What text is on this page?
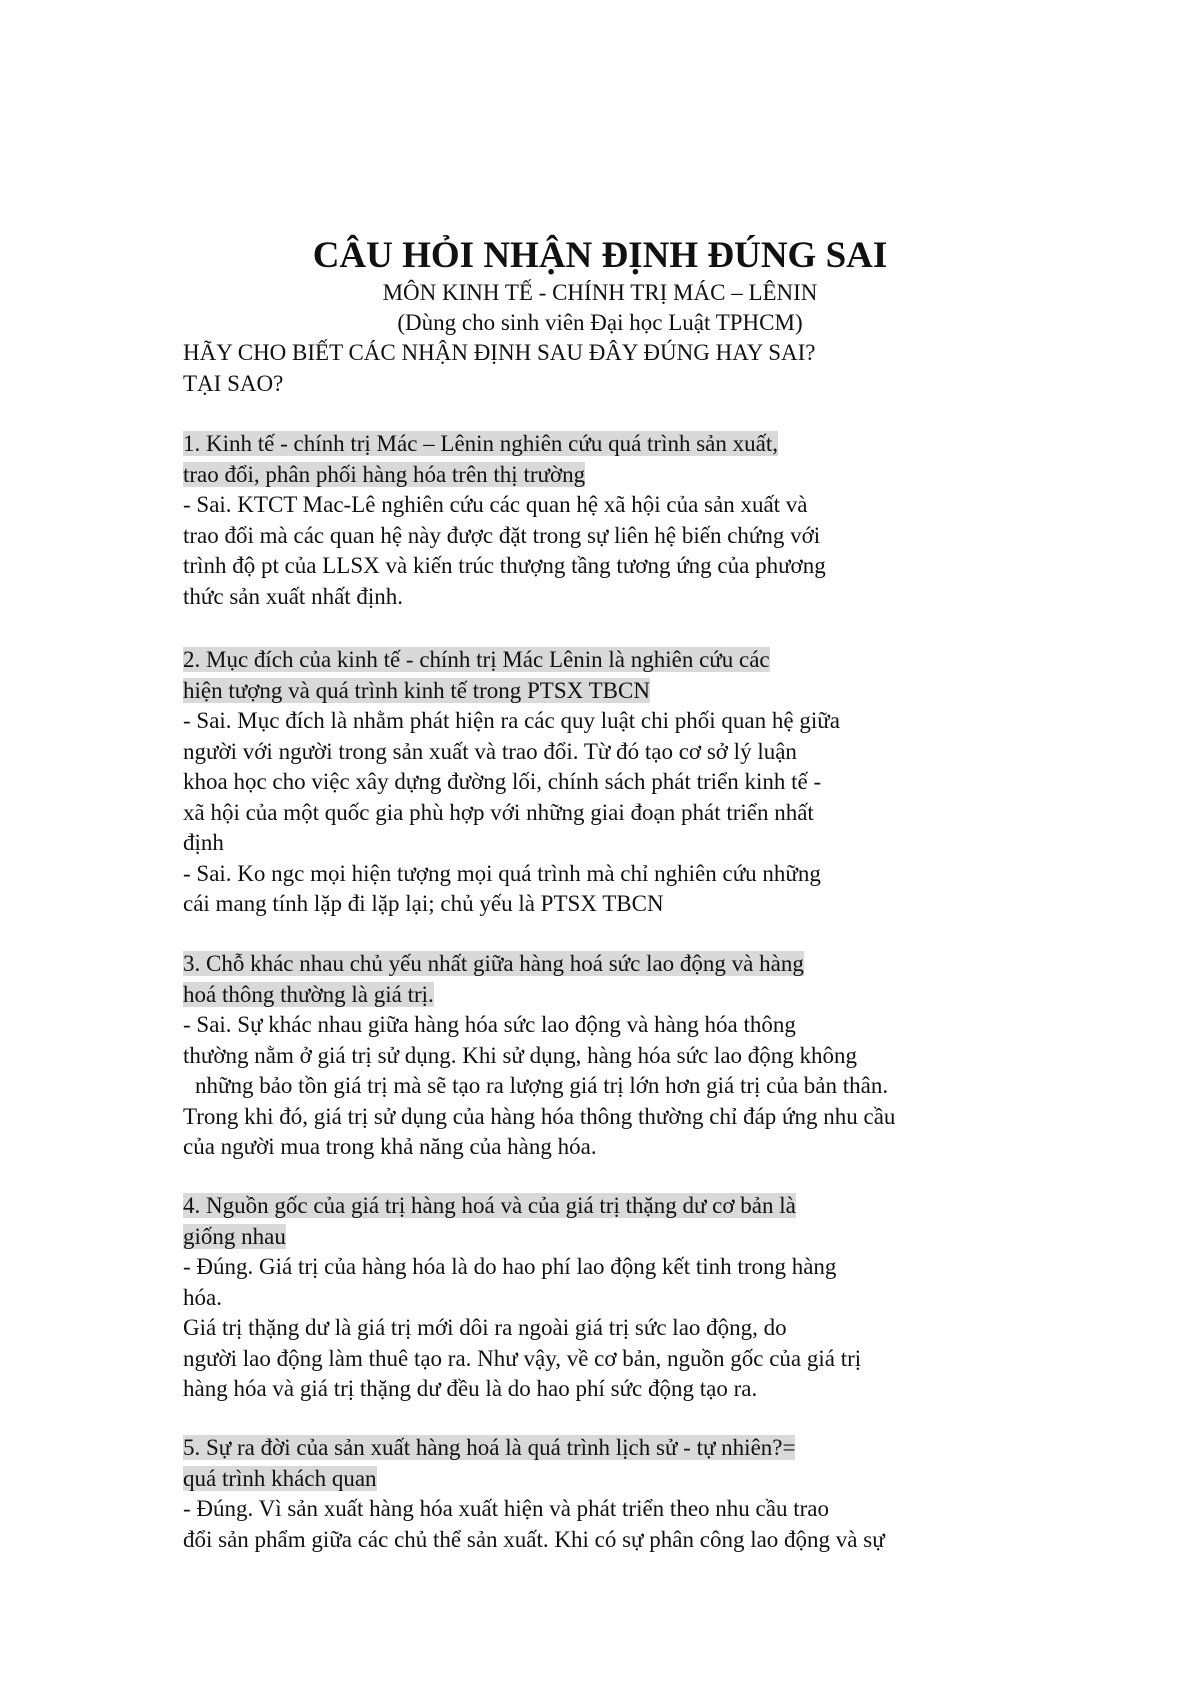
CÂU HỎI NHẬN ĐỊNH ĐÚNG SAI
MÔN KINH TẾ - CHÍNH TRỊ MÁC – LÊNIN
(Dùng cho sinh viên Đại học Luật TPHCM)
HÃY CHO BIẾT CÁC NHẬN ĐỊNH SAU ĐÂY ĐÚNG HAY SAI?
TẠI SAO?
1. Kinh tế - chính trị Mác – Lênin nghiên cứu quá trình sản xuất,
trao đổi, phân phối hàng hóa trên thị trường
- Sai. KTCT Mac-Lê nghiên cứu các quan hệ xã hội của sản xuất và
trao đổi mà các quan hệ này được đặt trong sự liên hệ biến chứng với
trình độ pt của LLSX và kiến trúc thượng tầng tương ứng của phương
thức sản xuất nhất định.
2. Mục đích của kinh tế - chính trị Mác Lênin là nghiên cứu các
hiện tượng và quá trình kinh tế trong PTSX TBCN
- Sai. Mục đích là nhằm phát hiện ra các quy luật chi phối quan hệ giữa
người với người trong sản xuất và trao đổi. Từ đó tạo cơ sở lý luận
khoa học cho việc xây dựng đường lối, chính sách phát triển kinh tế -
xã hội của một quốc gia phù hợp với những giai đoạn phát triển nhất
định
- Sai. Ko ngc mọi hiện tượng mọi quá trình mà chỉ nghiên cứu những
cái mang tính lặp đi lặp lại; chủ yếu là PTSX TBCN
3. Chỗ khác nhau chủ yếu nhất giữa hàng hoá sức lao động và hàng
hoá thông thường là giá trị.
- Sai. Sự khác nhau giữa hàng hóa sức lao động và hàng hóa thông
thường nằm ở giá trị sử dụng. Khi sử dụng, hàng hóa sức lao động không
những bảo tồn giá trị mà sẽ tạo ra lượng giá trị lớn hơn giá trị của bản thân.
Trong khi đó, giá trị sử dụng của hàng hóa thông thường chỉ đáp ứng nhu cầu
của người mua trong khả năng của hàng hóa.
4. Nguồn gốc của giá trị hàng hoá và của giá trị thặng dư cơ bản là
giống nhau
- Đúng. Giá trị của hàng hóa là do hao phí lao động kết tinh trong hàng
hóa.
Giá trị thặng dư là giá trị mới dôi ra ngoài giá trị sức lao động, do
người lao động làm thuê tạo ra. Như vậy, về cơ bản, nguồn gốc của giá trị
hàng hóa và giá trị thặng dư đều là do hao phí sức động tạo ra.
5. Sự ra đời của sản xuất hàng hoá là quá trình lịch sử - tự nhiên?=
quá trình khách quan
- Đúng. Vì sản xuất hàng hóa xuất hiện và phát triển theo nhu cầu trao
đổi sản phẩm giữa các chủ thể sản xuất. Khi có sự phân công lao động và sự
